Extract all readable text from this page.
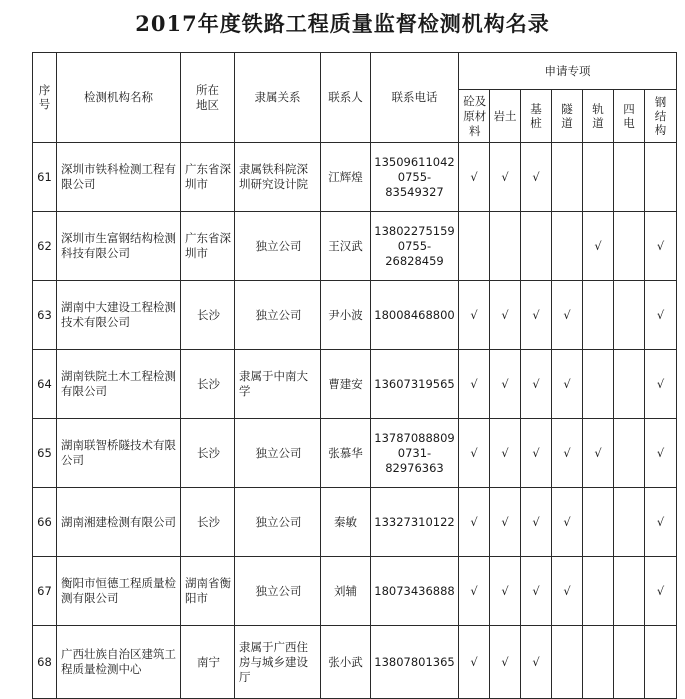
2017年度铁路工程质量监督检测机构名录
序号	检测机构名称	所在地区	隶属关系	联系人	联系电话	申请专项						
						砼及原材料	岩土	基桩	隧道	轨道	四电	钢结构
61	深圳市铁科检测工程有限公司	广东省深圳市	隶属铁科院深圳研究设计院	江辉煌	13509611042 0755-83549327	√	√	√				
62	深圳市生富钢结构检测科技有限公司	广东省深圳市	独立公司	王汉武	13802275159 0755-26828459					√		√
63	湖南中大建设工程检测技术有限公司	长沙	独立公司	尹小波	18008468800	√	√	√	√			√
64	湖南铁院土木工程检测有限公司	长沙	隶属于中南大学	曹建安	13607319565	√	√	√	√			√
65	湖南联智桥隧技术有限公司	长沙	独立公司	张慕华	13787088809 0731-82976363	√	√	√	√	√		√
66	湖南湘建检测有限公司	长沙	独立公司	秦敏	13327310122	√	√	√	√			√
67	衡阳市恒德工程质量检测有限公司	湖南省衡阳市	独立公司	刘辅	18073436888	√	√	√	√			√
68	广西壮族自治区建筑工程质量检测中心	南宁	隶属于广西住房与城乡建设厅	张小武	13807801365	√	√	√				
